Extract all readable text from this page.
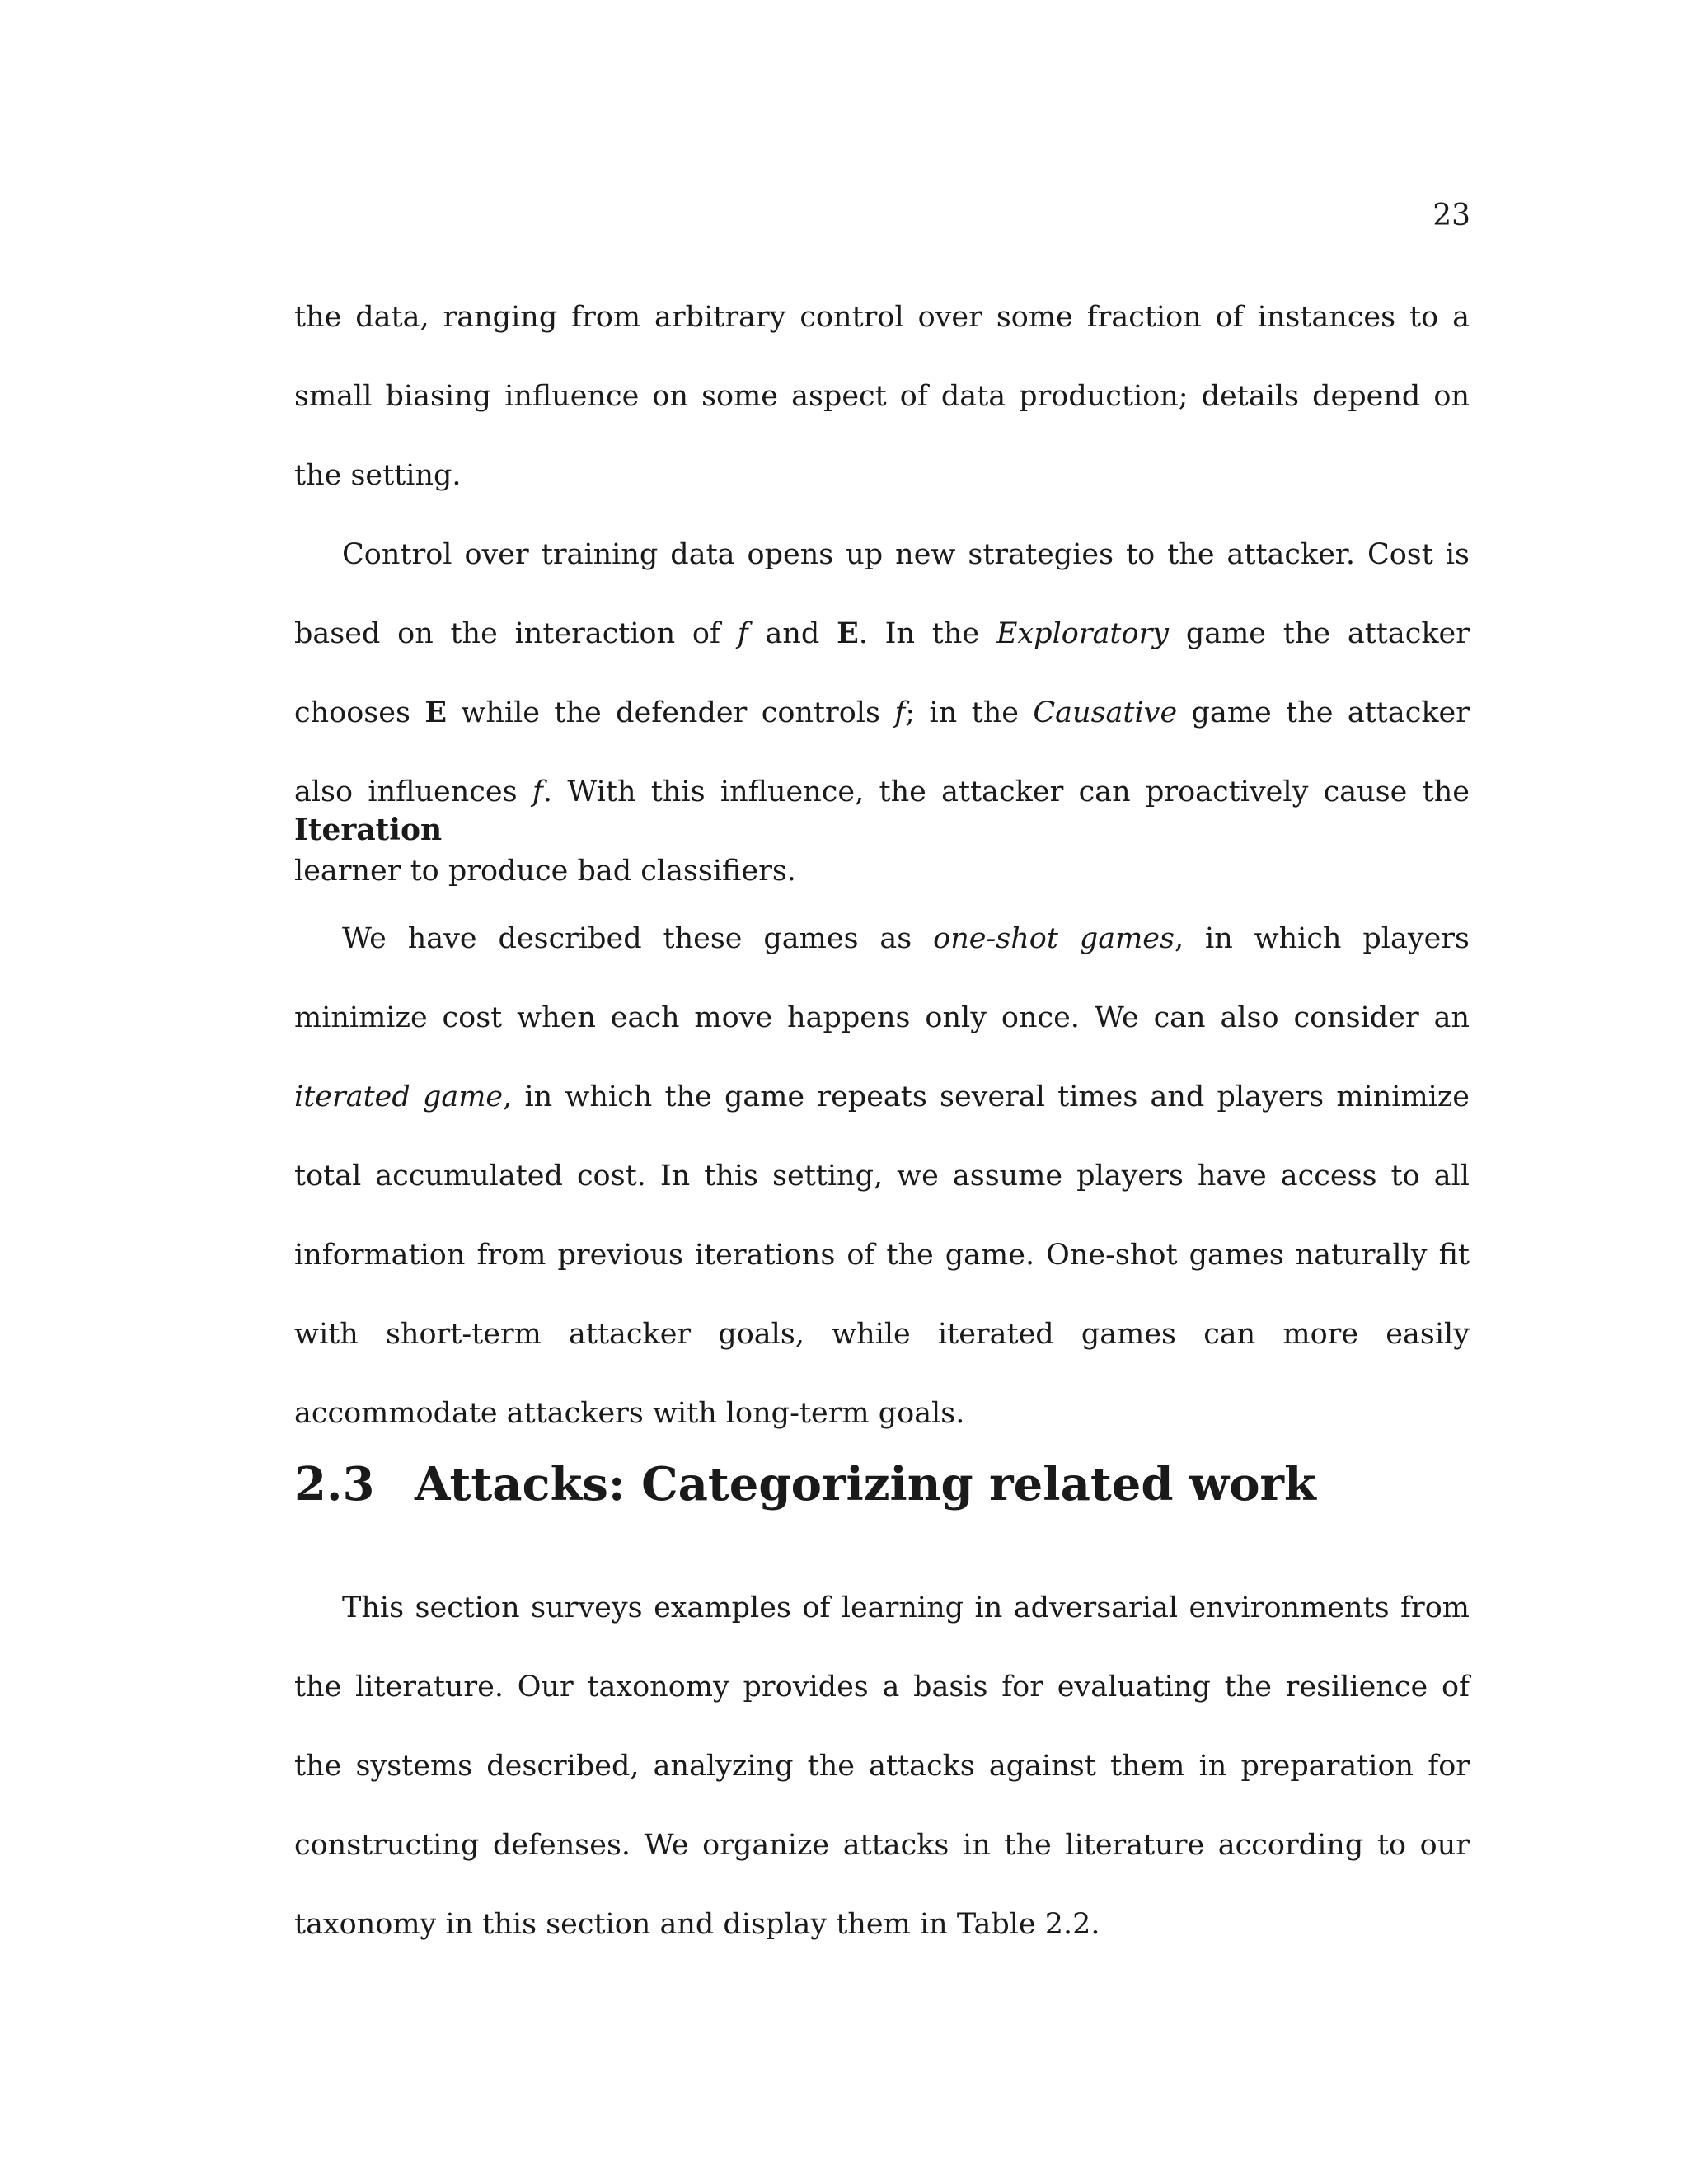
23

the data, ranging from arbitrary control over some fraction of instances to a small biasing influence on some aspect of data production; details depend on the setting.

Control over training data opens up new strategies to the attacker. Cost is based on the interaction of f and E. In the Exploratory game the attacker chooses E while the defender controls f; in the Causative game the attacker also influences f. With this influence, the attacker can proactively cause the learner to produce bad classifiers.

Iteration

We have described these games as one-shot games, in which players minimize cost when each move happens only once. We can also consider an iterated game, in which the game repeats several times and players minimize total accumulated cost. In this setting, we assume players have access to all information from previous iterations of the game. One-shot games naturally fit with short-term attacker goals, while iterated games can more easily accommodate attackers with long-term goals.

2.3 Attacks: Categorizing related work

This section surveys examples of learning in adversarial environments from the literature. Our taxonomy provides a basis for evaluating the resilience of the systems described, analyzing the attacks against them in preparation for constructing defenses. We organize attacks in the literature according to our taxonomy in this section and display them in Table 2.2.
